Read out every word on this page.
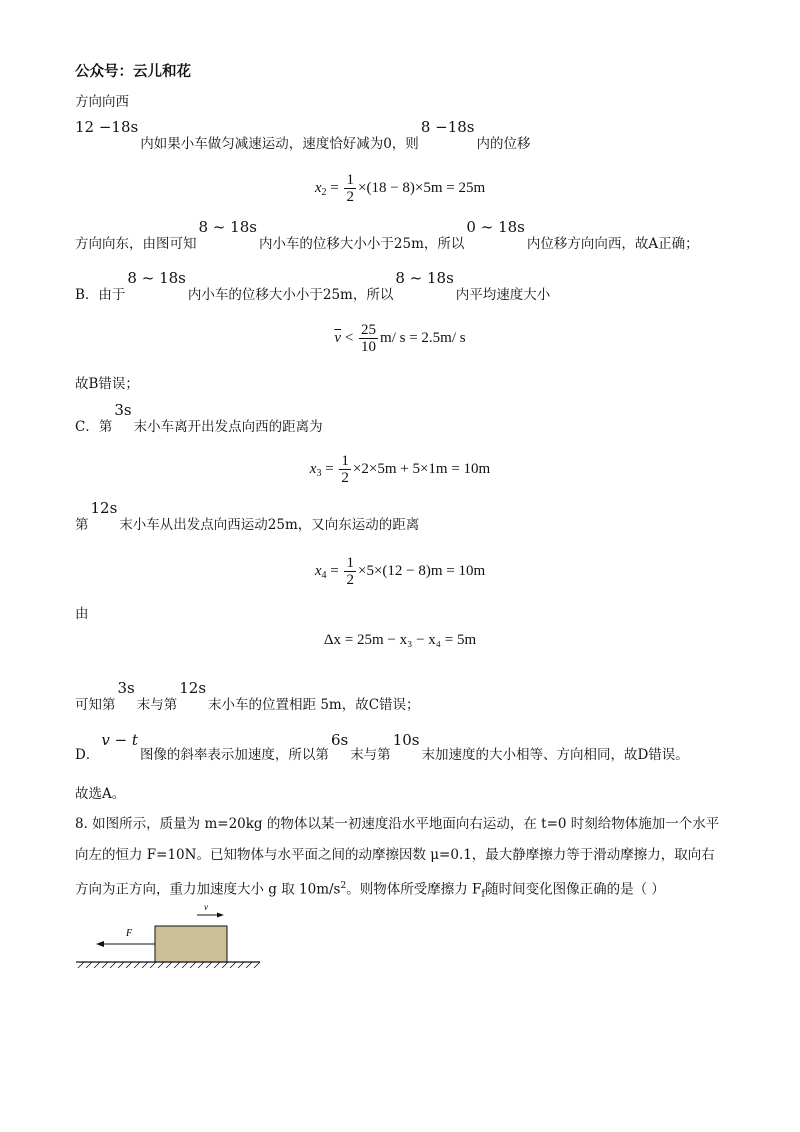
公众号：云儿和花
方向向西
12 −18s内如果小车做匀减速运动，速度恰好减为0，则8 −18s内的位移
$x_2 = \frac{1}{2} \times(18 - 8)\times 5m = 25m$
方向向东，由图可知8 ~ 18s内小车的位移大小小于25m，所以0 ~ 18s内位移方向向西，故A正确；
B．由于8 ~ 18s内小车的位移大小小于25m，所以8 ~ 18s内平均速度大小
$\overline{v} < \frac{25}{10} m/$ s = 2.5m/ s
故B错误；
C．第3s末小车离开出发点向西的距离为
$x_3 = \frac{1}{2} \times 2\times 5m + 5\times 1m = 10m$
第12s末小车从出发点向西运动25m，又向东运动的距离
$x_4 = \frac{1}{2} \times 5\times(12 - 8)m = 10m$
由
Δx = 25m − x₃ − x₄ = 5m
可知第3s末与第12s末小车的位置相距 5m，故C错误；
D．v − t图像的斜率表示加速度，所以第6s末与第10s末加速度的大小相等、方向相同，故D错误。
故选A。
8. 如图所示，质量为 m=20kg 的物体以某一初速度沿水平地面向右运动，在 t=0 时刻给物体施加一个水平
向左的恒力 F=10N。已知物体与水平面之间的动摩擦因数 μ=0.1，最大静摩擦力等于滑动摩擦力，取向右
方向为正方向，重力加速度大小 g 取 $10m/s^2$。则物体所受摩擦力 $F_f$随时间变化图像正确的是（ ）
F
v
